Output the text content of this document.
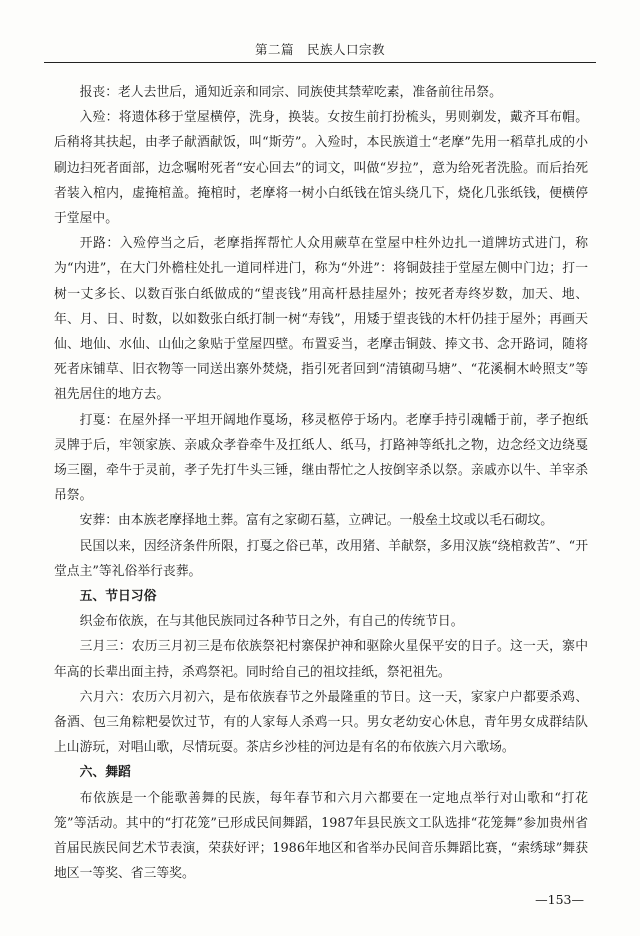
第二篇　民族人口宗教

报丧：老人去世后，通知近亲和同宗、同族使其禁荤吃素，准备前往吊祭。

入殓：将遗体移于堂屋横停，洗身，换装。女按生前打扮梳头，男则剃发，戴齐耳布帽。后稍将其扶起，由孝子献酒献饭，叫“斯劳”。入殓时，本民族道士“老摩”先用一稻草扎成的小刷边扫死者面部，边念嘱咐死者“安心回去”的词文，叫做“岁拉”，意为给死者洗脸。而后抬死者装入棺内，虚掩棺盖。掩棺时，老摩将一树小白纸钱在馆头绕几下，烧化几张纸钱，便横停于堂屋中。

开路：入殓停当之后，老摩指挥帮忙人众用蕨草在堂屋中柱外边扎一道牌坊式进门，称为“内进”，在大门外檐柱处扎一道同样进门，称为“外进”：将铜鼓挂于堂屋左侧中门边；打一树一丈多长、以数百张白纸做成的“望丧钱”用高杆悬挂屋外；按死者寿终岁数，加天、地、年、月、日、时数，以如数张白纸打制一树“寿钱”，用矮于望丧钱的木杆仍挂于屋外；再画天仙、地仙、水仙、山仙之象贴于堂屋四壁。布置妥当，老摩击铜鼓、捧文书、念开路词，随将死者床铺草、旧衣物等一同送出寨外焚烧，指引死者回到“清镇砌马塘”、“花溪桐木岭照支”等祖先居住的地方去。

打戛：在屋外择一平坦开阔地作戛场，移灵柩停于场内。老摩手持引魂幡于前，孝子抱纸灵牌于后，牢领家族、亲戚众孝眷牵牛及扛纸人、纸马，打路神等纸扎之物，边念经文边绕戛场三圈，牵牛于灵前，孝子先打牛头三锤，继由帮忙之人按倒宰杀以祭。亲戚亦以牛、羊宰杀吊祭。

安葬：由本族老摩择地土葬。富有之家砌石墓，立碑记。一般垒土坟或以毛石砌坟。

民国以来，因经济条件所限，打戛之俗已革，改用猪、羊献祭，多用汉族“绕棺救苦”、“开堂点主”等礼俗举行丧葬。

五、节日习俗

织金布依族，在与其他民族同过各种节日之外，有自己的传统节日。

三月三：农历三月初三是布依族祭祀村寨保护神和驱除火星保平安的日子。这一天，寨中年高的长辈出面主持，杀鸡祭祀。同时给自己的祖坟挂纸，祭祀祖先。

六月六：农历六月初六，是布依族春节之外最隆重的节日。这一天，家家户户都要杀鸡、备酒、包三角粽粑晏饮过节，有的人家每人杀鸡一只。男女老幼安心休息，青年男女成群结队上山游玩，对唱山歌，尽情玩耍。茶店乡沙桂的河边是有名的布依族六月六歌场。

六、舞蹈

布依族是一个能歌善舞的民族，每年春节和六月六都要在一定地点举行对山歌和“打花笼”等活动。其中的“打花笼”已形成民间舞蹈，1987年县民族文工队选排“花笼舞”参加贵州省首届民族民间艺术节表演，荣获好评；1986年地区和省举办民间音乐舞蹈比赛，“索绣球”舞获地区一等奖、省三等奖。

—153—
